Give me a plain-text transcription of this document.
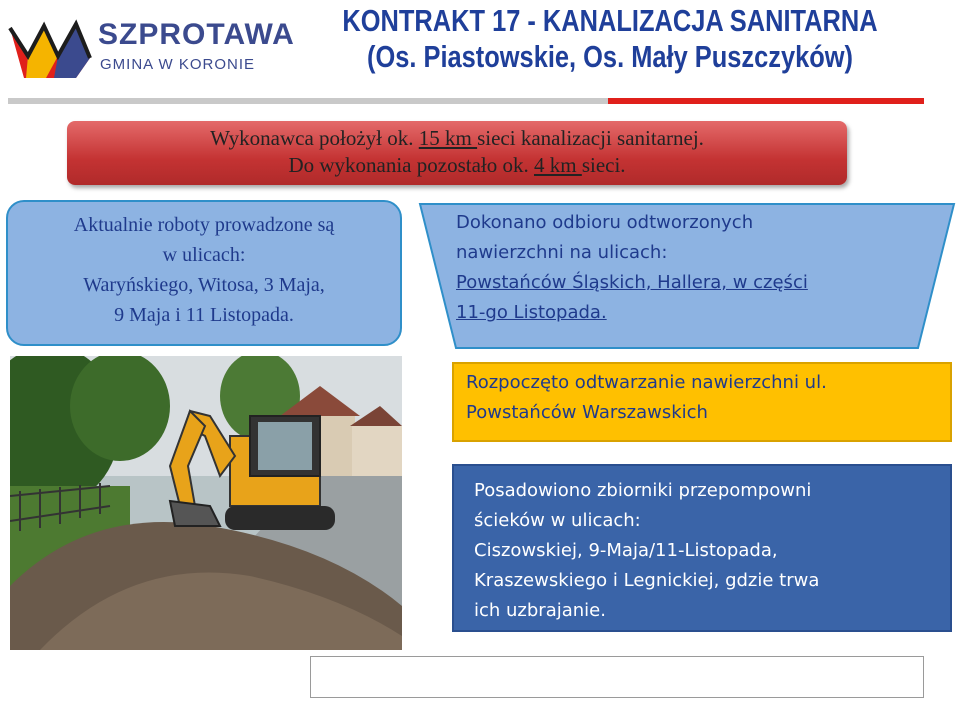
SZPROTAWA
GMINA W KORONIE
KONTRAKT 17 - KANALIZACJA SANITARNA
(Os. Piastowskie, Os. Mały Puszczyków)
Wykonawca położył ok. 15 km sieci kanalizacji sanitarnej.
Do wykonania pozostało ok. 4 km sieci.
Aktualnie roboty prowadzone są
w ulicach:
Waryńskiego, Witosa, 3 Maja,
9 Maja i 11 Listopada.
Dokonano odbioru odtworzonych
nawierzchni na ulicach:
Powstańców Śląskich, Hallera, w części
11-go Listopada.
Rozpoczęto odtwarzanie nawierzchni ul.
Powstańców Warszawskich
Posadowiono zbiorniki przepompowni
ścieków w ulicach:
Ciszowskiej, 9-Maja/11-Listopada,
Kraszewskiego i Legnickiej, gdzie trwa
ich uzbrajanie.
